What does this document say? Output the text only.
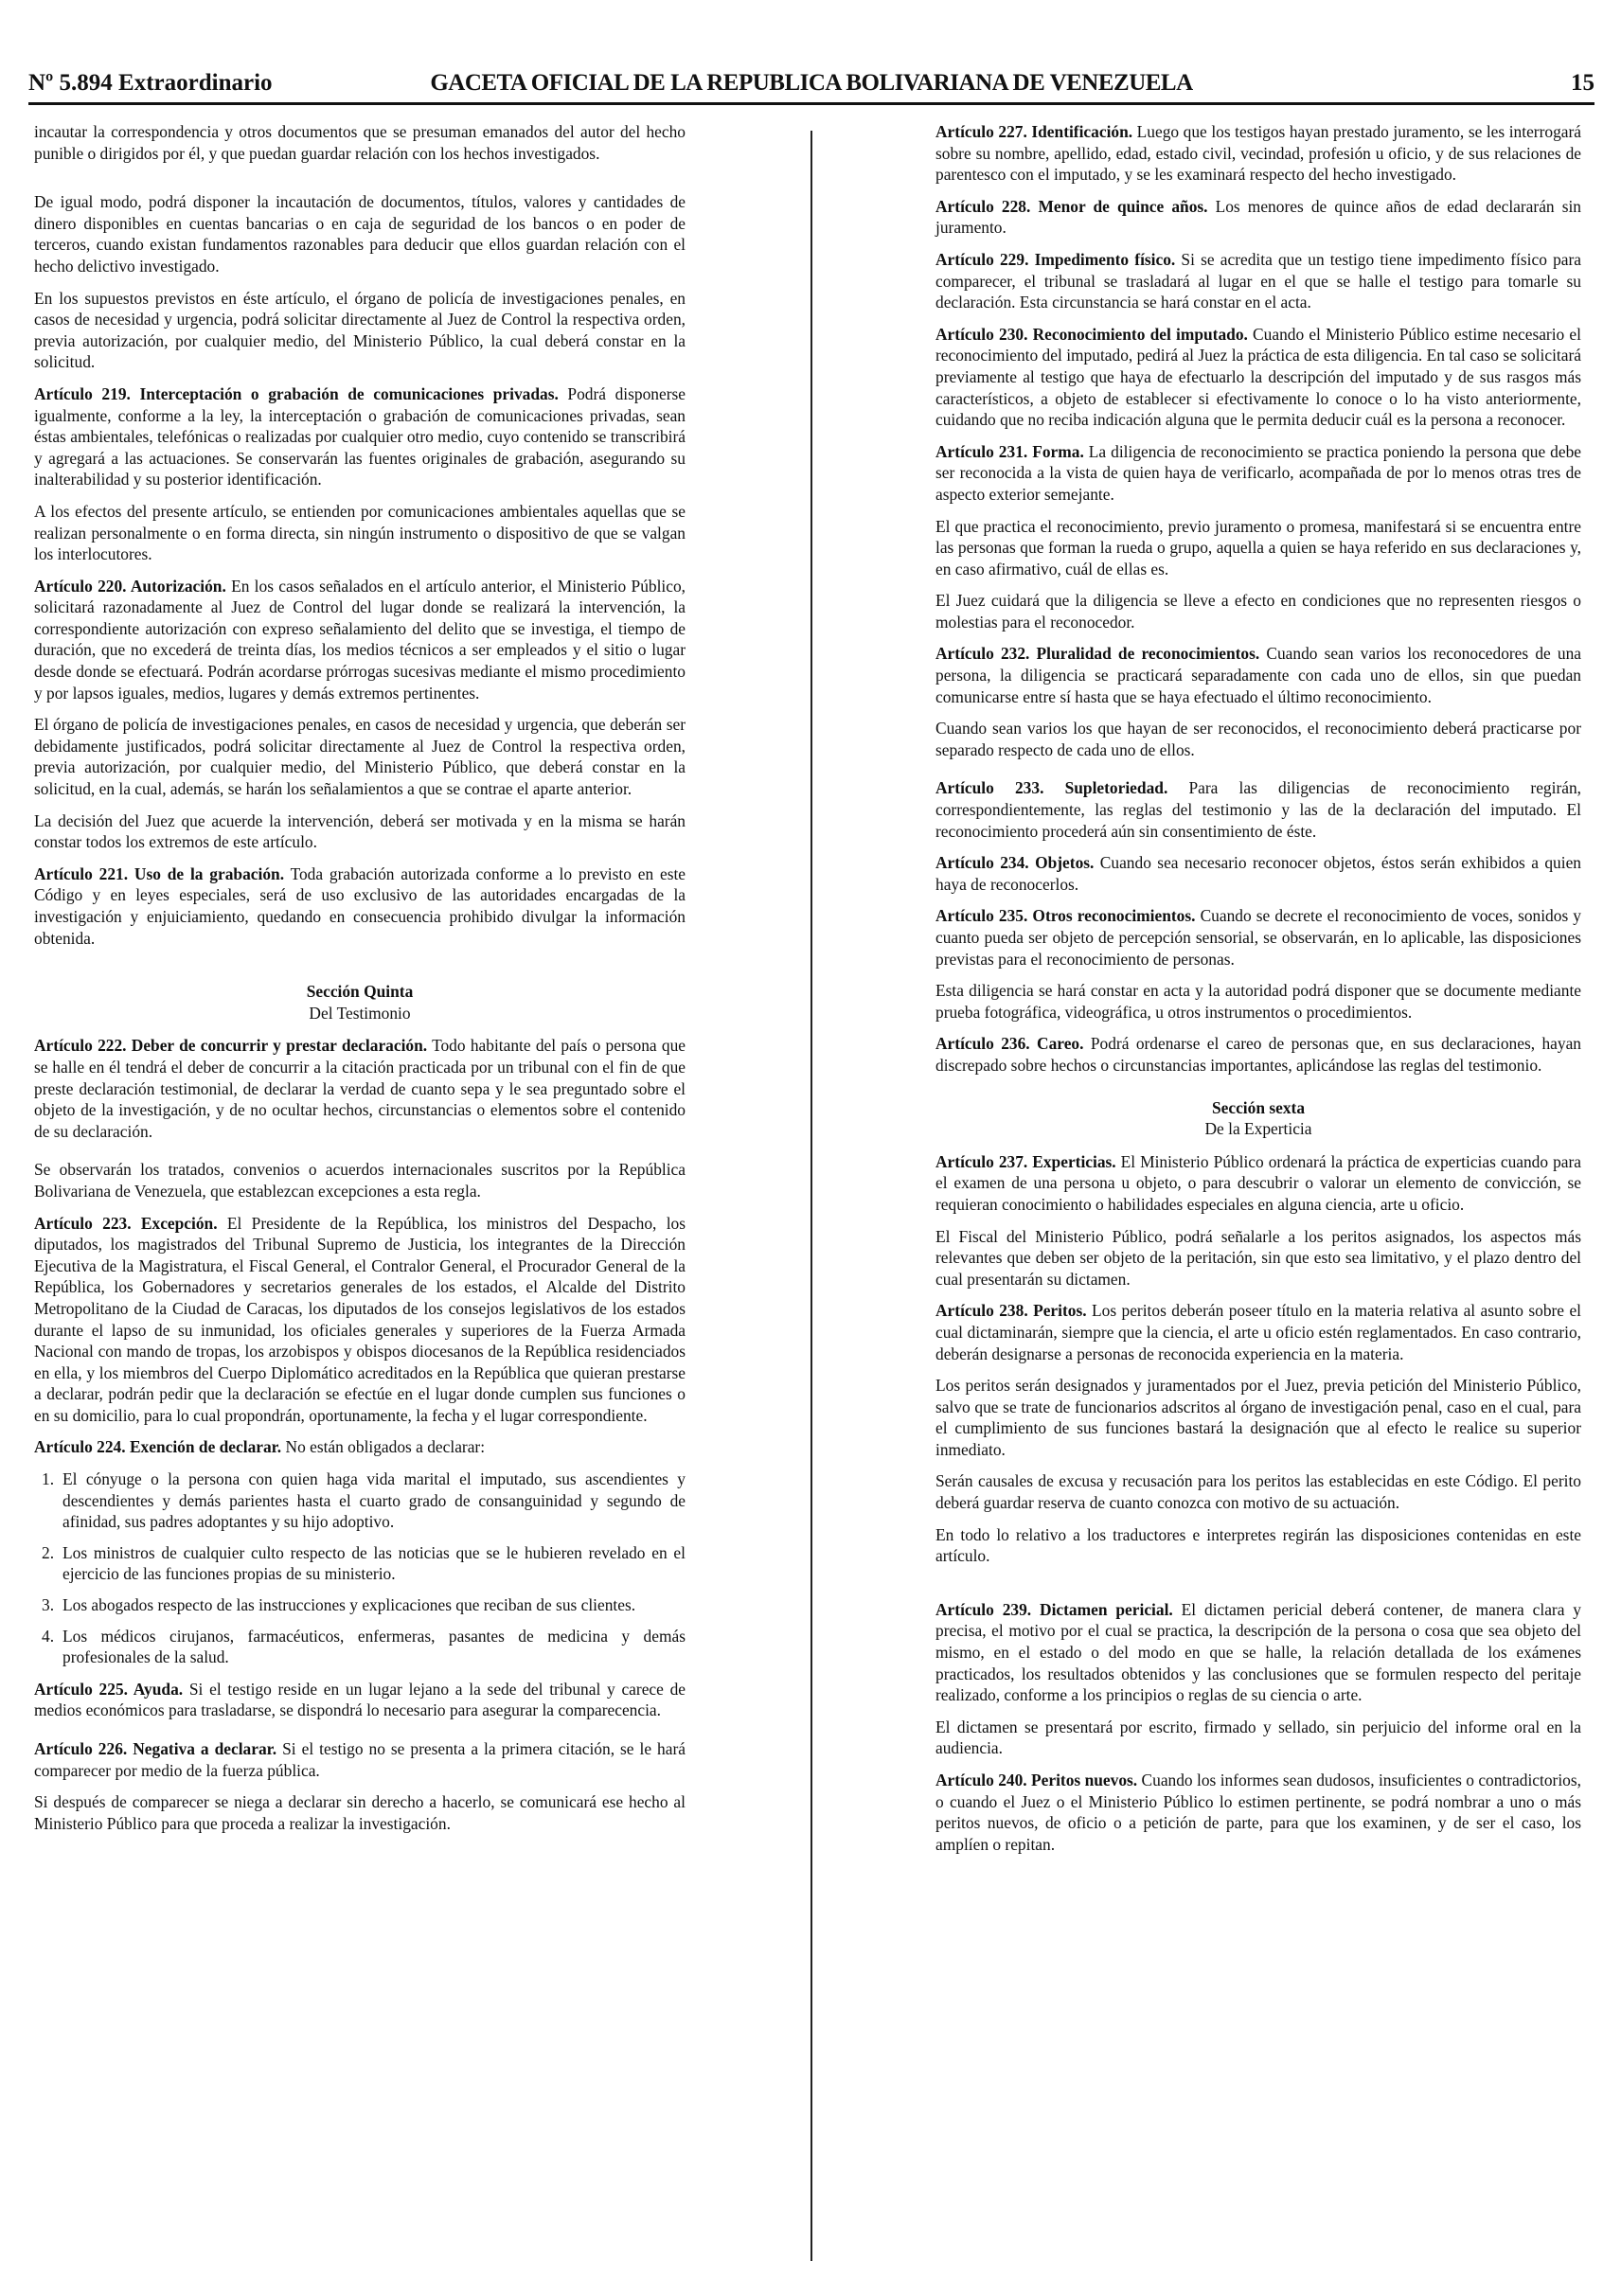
Nº 5.894 Extraordinario	GACETA OFICIAL DE LA REPUBLICA BOLIVARIANA DE VENEZUELA	15

incautar la correspondencia y otros documentos que se presuman emanados del autor del hecho punible o dirigidos por él, y que puedan guardar relación con los hechos investigados.

De igual modo, podrá disponer la incautación de documentos, títulos, valores y cantidades de dinero disponibles en cuentas bancarias o en caja de seguridad de los bancos o en poder de terceros, cuando existan fundamentos razonables para deducir que ellos guardan relación con el hecho delictivo investigado.

En los supuestos previstos en éste artículo, el órgano de policía de investigaciones penales, en casos de necesidad y urgencia, podrá solicitar directamente al Juez de Control la respectiva orden, previa autorización, por cualquier medio, del Ministerio Público, la cual deberá constar en la solicitud.

Artículo 219. Interceptación o grabación de comunicaciones privadas. Podrá disponerse igualmente, conforme a la ley, la interceptación o grabación de comunicaciones privadas, sean éstas ambientales, telefónicas o realizadas por cualquier otro medio, cuyo contenido se transcribirá y agregará a las actuaciones. Se conservarán las fuentes originales de grabación, asegurando su inalterabilidad y su posterior identificación.

A los efectos del presente artículo, se entienden por comunicaciones ambientales aquellas que se realizan personalmente o en forma directa, sin ningún instrumento o dispositivo de que se valgan los interlocutores.

Artículo 220. Autorización. En los casos señalados en el artículo anterior, el Ministerio Público, solicitará razonadamente al Juez de Control del lugar donde se realizará la intervención, la correspondiente autorización con expreso señalamiento del delito que se investiga, el tiempo de duración, que no excederá de treinta días, los medios técnicos a ser empleados y el sitio o lugar desde donde se efectuará. Podrán acordarse prórrogas sucesivas mediante el mismo procedimiento y por lapsos iguales, medios, lugares y demás extremos pertinentes.

El órgano de policía de investigaciones penales, en casos de necesidad y urgencia, que deberán ser debidamente justificados, podrá solicitar directamente al Juez de Control la respectiva orden, previa autorización, por cualquier medio, del Ministerio Público, que deberá constar en la solicitud, en la cual, además, se harán los señalamientos a que se contrae el aparte anterior.

La decisión del Juez que acuerde la intervención, deberá ser motivada y en la misma se harán constar todos los extremos de este artículo.

Artículo 221. Uso de la grabación. Toda grabación autorizada conforme a lo previsto en este Código y en leyes especiales, será de uso exclusivo de las autoridades encargadas de la investigación y enjuiciamiento, quedando en consecuencia prohibido divulgar la información obtenida.

Sección Quinta
Del Testimonio

Artículo 222. Deber de concurrir y prestar declaración. Todo habitante del país o persona que se halle en él tendrá el deber de concurrir a la citación practicada por un tribunal con el fin de que preste declaración testimonial, de declarar la verdad de cuanto sepa y le sea preguntado sobre el objeto de la investigación, y de no ocultar hechos, circunstancias o elementos sobre el contenido de su declaración.

Se observarán los tratados, convenios o acuerdos internacionales suscritos por la República Bolivariana de Venezuela, que establezcan excepciones a esta regla.

Artículo 223. Excepción. El Presidente de la República, los ministros del Despacho, los diputados, los magistrados del Tribunal Supremo de Justicia, los integrantes de la Dirección Ejecutiva de la Magistratura, el Fiscal General, el Contralor General, el Procurador General de la República, los Gobernadores y secretarios generales de los estados, el Alcalde del Distrito Metropolitano de la Ciudad de Caracas, los diputados de los consejos legislativos de los estados durante el lapso de su inmunidad, los oficiales generales y superiores de la Fuerza Armada Nacional con mando de tropas, los arzobispos y obispos diocesanos de la República residenciados en ella, y los miembros del Cuerpo Diplomático acreditados en la República que quieran prestarse a declarar, podrán pedir que la declaración se efectúe en el lugar donde cumplen sus funciones o en su domicilio, para lo cual propondrán, oportunamente, la fecha y el lugar correspondiente.

Artículo 224. Exención de declarar. No están obligados a declarar:

1. El cónyuge o la persona con quien haga vida marital el imputado, sus ascendientes y descendientes y demás parientes hasta el cuarto grado de consanguinidad y segundo de afinidad, sus padres adoptantes y su hijo adoptivo.
2. Los ministros de cualquier culto respecto de las noticias que se le hubieren revelado en el ejercicio de las funciones propias de su ministerio.
3. Los abogados respecto de las instrucciones y explicaciones que reciban de sus clientes.
4. Los médicos cirujanos, farmacéuticos, enfermeras, pasantes de medicina y demás profesionales de la salud.

Artículo 225. Ayuda. Si el testigo reside en un lugar lejano a la sede del tribunal y carece de medios económicos para trasladarse, se dispondrá lo necesario para asegurar la comparecencia.

Artículo 226. Negativa a declarar. Si el testigo no se presenta a la primera citación, se le hará comparecer por medio de la fuerza pública.

Si después de comparecer se niega a declarar sin derecho a hacerlo, se comunicará ese hecho al Ministerio Público para que proceda a realizar la investigación.

Artículo 227. Identificación. Luego que los testigos hayan prestado juramento, se les interrogará sobre su nombre, apellido, edad, estado civil, vecindad, profesión u oficio, y de sus relaciones de parentesco con el imputado, y se les examinará respecto del hecho investigado.

Artículo 228. Menor de quince años. Los menores de quince años de edad declararán sin juramento.

Artículo 229. Impedimento físico. Si se acredita que un testigo tiene impedimento físico para comparecer, el tribunal se trasladará al lugar en el que se halle el testigo para tomarle su declaración. Esta circunstancia se hará constar en el acta.

Artículo 230. Reconocimiento del imputado. Cuando el Ministerio Público estime necesario el reconocimiento del imputado, pedirá al Juez la práctica de esta diligencia. En tal caso se solicitará previamente al testigo que haya de efectuarlo la descripción del imputado y de sus rasgos más característicos, a objeto de establecer si efectivamente lo conoce o lo ha visto anteriormente, cuidando que no reciba indicación alguna que le permita deducir cuál es la persona a reconocer.

Artículo 231. Forma. La diligencia de reconocimiento se practica poniendo la persona que debe ser reconocida a la vista de quien haya de verificarlo, acompañada de por lo menos otras tres de aspecto exterior semejante.

El que practica el reconocimiento, previo juramento o promesa, manifestará si se encuentra entre las personas que forman la rueda o grupo, aquella a quien se haya referido en sus declaraciones y, en caso afirmativo, cuál de ellas es.

El Juez cuidará que la diligencia se lleve a efecto en condiciones que no representen riesgos o molestias para el reconocedor.

Artículo 232. Pluralidad de reconocimientos. Cuando sean varios los reconocedores de una persona, la diligencia se practicará separadamente con cada uno de ellos, sin que puedan comunicarse entre sí hasta que se haya efectuado el último reconocimiento.

Cuando sean varios los que hayan de ser reconocidos, el reconocimiento deberá practicarse por separado respecto de cada uno de ellos.

Artículo 233. Supletoriedad. Para las diligencias de reconocimiento regirán, correspondientemente, las reglas del testimonio y las de la declaración del imputado. El reconocimiento procederá aún sin consentimiento de éste.

Artículo 234. Objetos. Cuando sea necesario reconocer objetos, éstos serán exhibidos a quien haya de reconocerlos.

Artículo 235. Otros reconocimientos. Cuando se decrete el reconocimiento de voces, sonidos y cuanto pueda ser objeto de percepción sensorial, se observarán, en lo aplicable, las disposiciones previstas para el reconocimiento de personas.

Esta diligencia se hará constar en acta y la autoridad podrá disponer que se documente mediante prueba fotográfica, videográfica, u otros instrumentos o procedimientos.

Artículo 236. Careo. Podrá ordenarse el careo de personas que, en sus declaraciones, hayan discrepado sobre hechos o circunstancias importantes, aplicándose las reglas del testimonio.

Sección sexta
De la Experticia

Artículo 237. Experticias. El Ministerio Público ordenará la práctica de experticias cuando para el examen de una persona u objeto, o para descubrir o valorar un elemento de convicción, se requieran conocimiento o habilidades especiales en alguna ciencia, arte u oficio.

El Fiscal del Ministerio Público, podrá señalarle a los peritos asignados, los aspectos más relevantes que deben ser objeto de la peritación, sin que esto sea limitativo, y el plazo dentro del cual presentarán su dictamen.

Artículo 238. Peritos. Los peritos deberán poseer título en la materia relativa al asunto sobre el cual dictaminarán, siempre que la ciencia, el arte u oficio estén reglamentados. En caso contrario, deberán designarse a personas de reconocida experiencia en la materia.

Los peritos serán designados y juramentados por el Juez, previa petición del Ministerio Público, salvo que se trate de funcionarios adscritos al órgano de investigación penal, caso en el cual, para el cumplimiento de sus funciones bastará la designación que al efecto le realice su superior inmediato.

Serán causales de excusa y recusación para los peritos las establecidas en este Código. El perito deberá guardar reserva de cuanto conozca con motivo de su actuación.

En todo lo relativo a los traductores e interpretes regirán las disposiciones contenidas en este artículo.

Artículo 239. Dictamen pericial. El dictamen pericial deberá contener, de manera clara y precisa, el motivo por el cual se practica, la descripción de la persona o cosa que sea objeto del mismo, en el estado o del modo en que se halle, la relación detallada de los exámenes practicados, los resultados obtenidos y las conclusiones que se formulen respecto del peritaje realizado, conforme a los principios o reglas de su ciencia o arte.

El dictamen se presentará por escrito, firmado y sellado, sin perjuicio del informe oral en la audiencia.

Artículo 240. Peritos nuevos. Cuando los informes sean dudosos, insuficientes o contradictorios, o cuando el Juez o el Ministerio Público lo estimen pertinente, se podrá nombrar a uno o más peritos nuevos, de oficio o a petición de parte, para que los examinen, y de ser el caso, los amplíen o repitan.
